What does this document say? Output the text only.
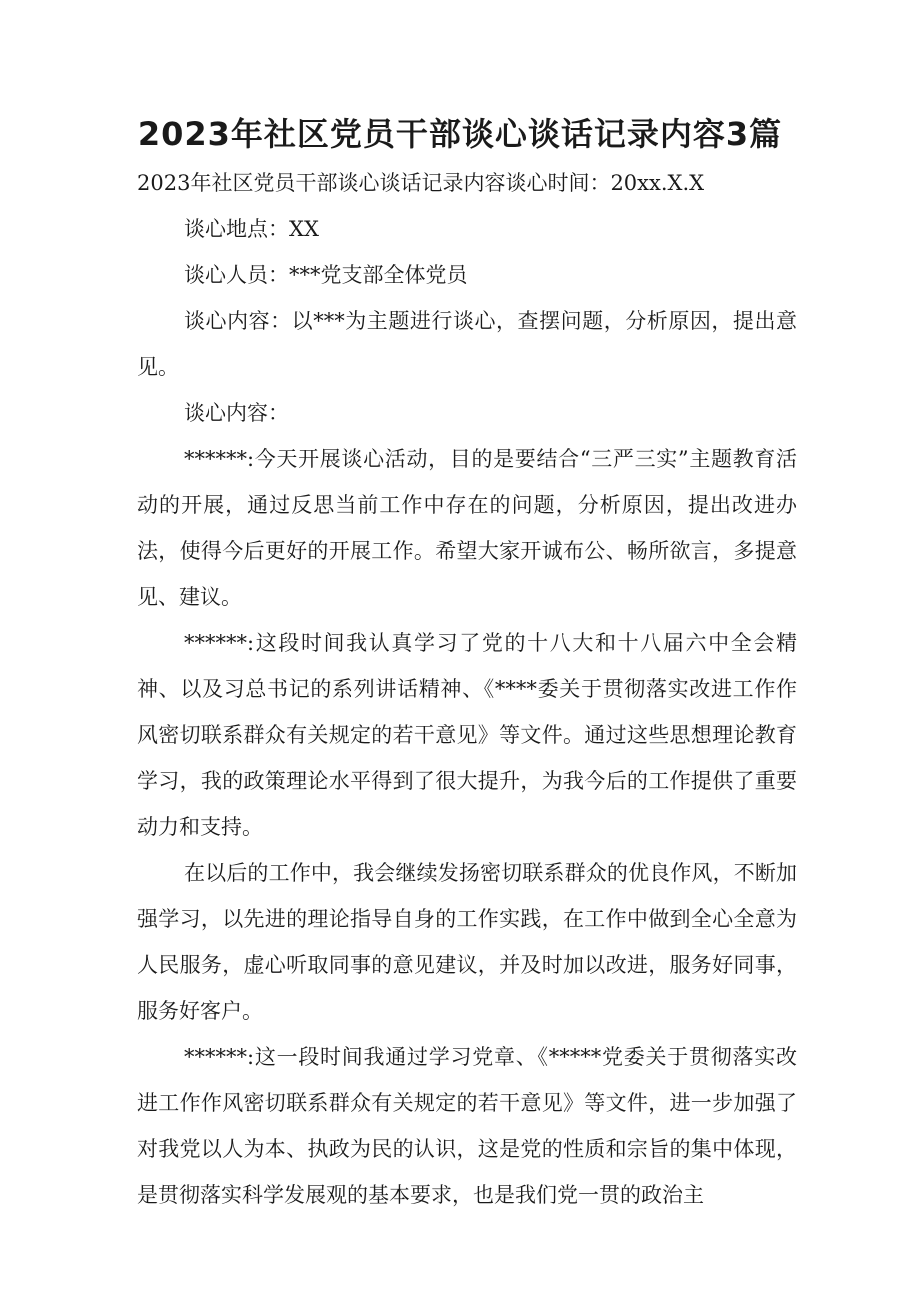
2023年社区党员干部谈心谈话记录内容3篇

2023年社区党员干部谈心谈话记录内容谈心时间：20xx.X.X

谈心地点：XX

谈心人员：***党支部全体党员

谈心内容：以***为主题进行谈心，查摆问题，分析原因，提出意见。

谈心内容：

******:今天开展谈心活动，目的是要结合“三严三实”主题教育活动的开展，通过反思当前工作中存在的问题，分析原因，提出改进办法，使得今后更好的开展工作。希望大家开诚布公、畅所欲言，多提意见、建议。

******:这段时间我认真学习了党的十八大和十八届六中全会精神、以及习总书记的系列讲话精神、《****委关于贯彻落实改进工作作风密切联系群众有关规定的若干意见》等文件。通过这些思想理论教育学习，我的政策理论水平得到了很大提升，为我今后的工作提供了重要动力和支持。

在以后的工作中，我会继续发扬密切联系群众的优良作风，不断加强学习，以先进的理论指导自身的工作实践，在工作中做到全心全意为人民服务，虚心听取同事的意见建议，并及时加以改进，服务好同事，服务好客户。

******:这一段时间我通过学习党章、《*****党委关于贯彻落实改进工作作风密切联系群众有关规定的若干意见》等文件，进一步加强了对我党以人为本、执政为民的认识，这是党的性质和宗旨的集中体现，是贯彻落实科学发展观的基本要求，也是我们党一贯的政治主
